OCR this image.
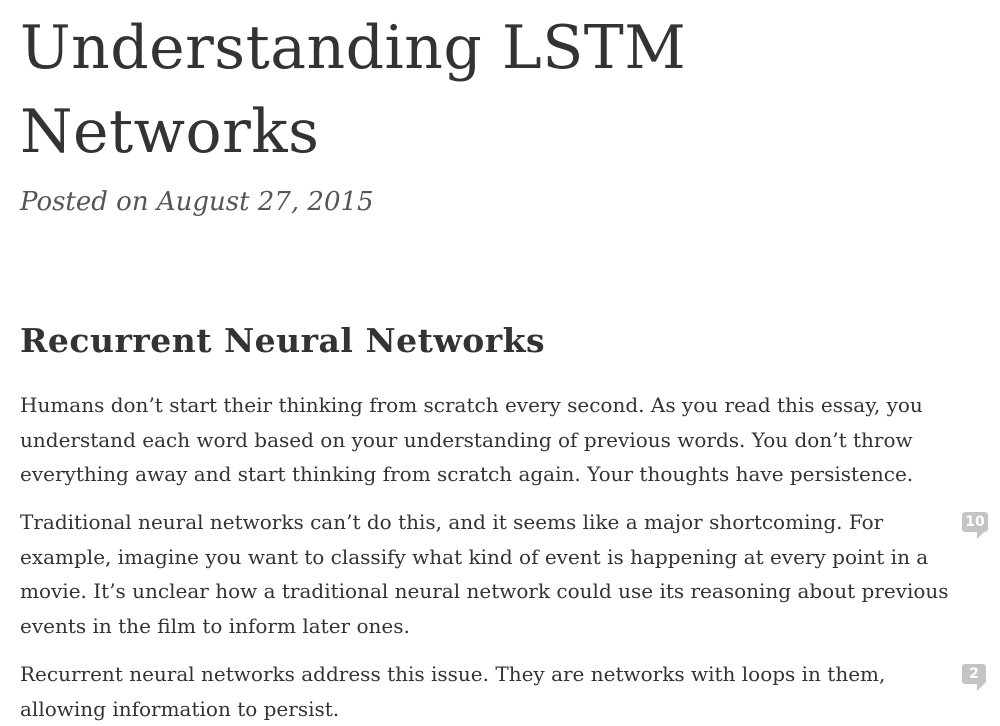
Understanding LSTM Networks

Posted on August 27, 2015

Recurrent Neural Networks

Humans don’t start their thinking from scratch every second. As you read this essay, you understand each word based on your understanding of previous words. You don’t throw everything away and start thinking from scratch again. Your thoughts have persistence.

Traditional neural networks can’t do this, and it seems like a major shortcoming. For example, imagine you want to classify what kind of event is happening at every point in a movie. It’s unclear how a traditional neural network could use its reasoning about previous events in the film to inform later ones.

10

Recurrent neural networks address this issue. They are networks with loops in them, allowing information to persist.

2
